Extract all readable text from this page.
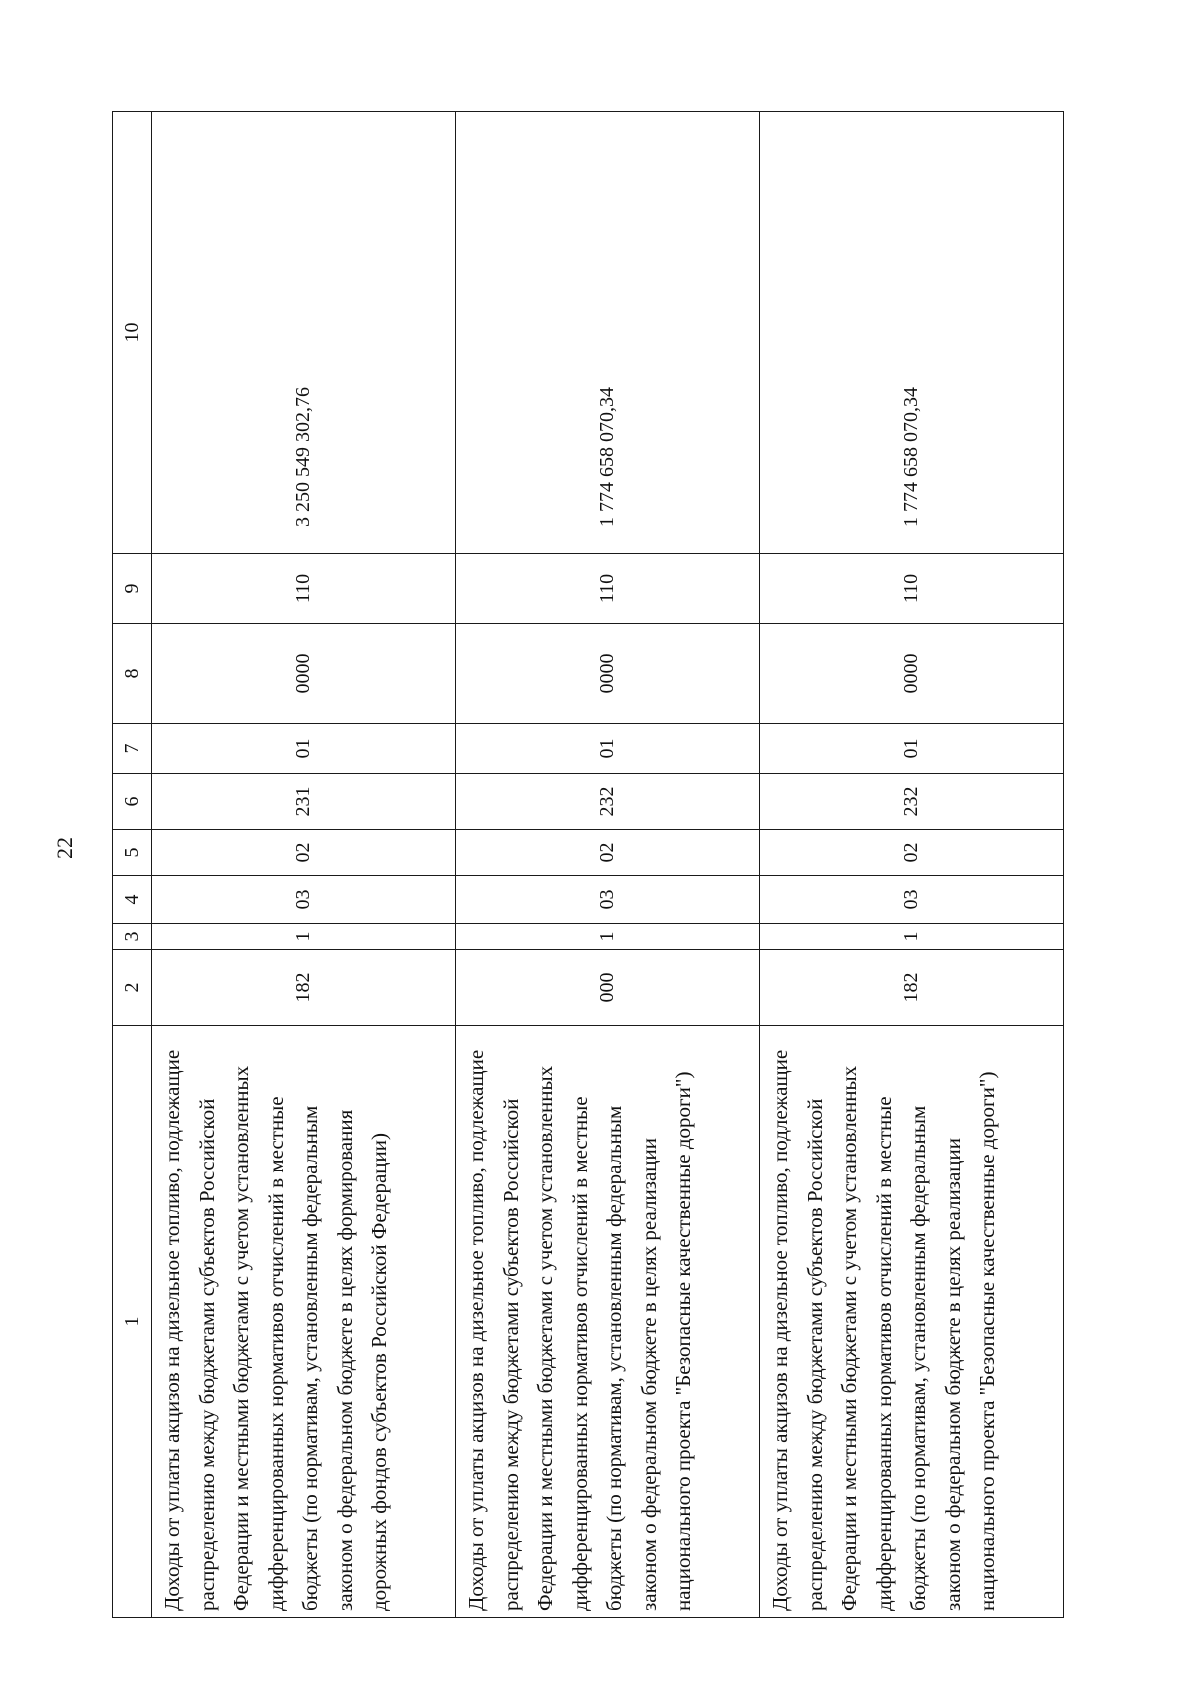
22
1	2	3	4	5	6	7	8	9	10
Доходы от уплаты акцизов на дизельное топливо, подлежащие распределению между бюджетами субъектов Российской Федерации и местными бюджетами с учетом установленных дифференцированных нормативов отчислений в местные бюджеты (по нормативам, установленным федеральным законом о федеральном бюджете в целях формирования дорожных фондов субъектов Российской Федерации)	182	1	03	02	231	01	0000	110	3 250 549 302,76
Доходы от уплаты акцизов на дизельное топливо, подлежащие распределению между бюджетами субъектов Российской Федерации и местными бюджетами с учетом установленных дифференцированных нормативов отчислений в местные бюджеты (по нормативам, установленным федеральным законом о федеральном бюджете в целях реализации национального проекта "Безопасные качественные дороги")	000	1	03	02	232	01	0000	110	1 774 658 070,34
Доходы от уплаты акцизов на дизельное топливо, подлежащие распределению между бюджетами субъектов Российской Федерации и местными бюджетами с учетом установленных дифференцированных нормативов отчислений в местные бюджеты (по нормативам, установленным федеральным законом о федеральном бюджете в целях реализации национального проекта "Безопасные качественные дороги")	182	1	03	02	232	01	0000	110	1 774 658 070,34
